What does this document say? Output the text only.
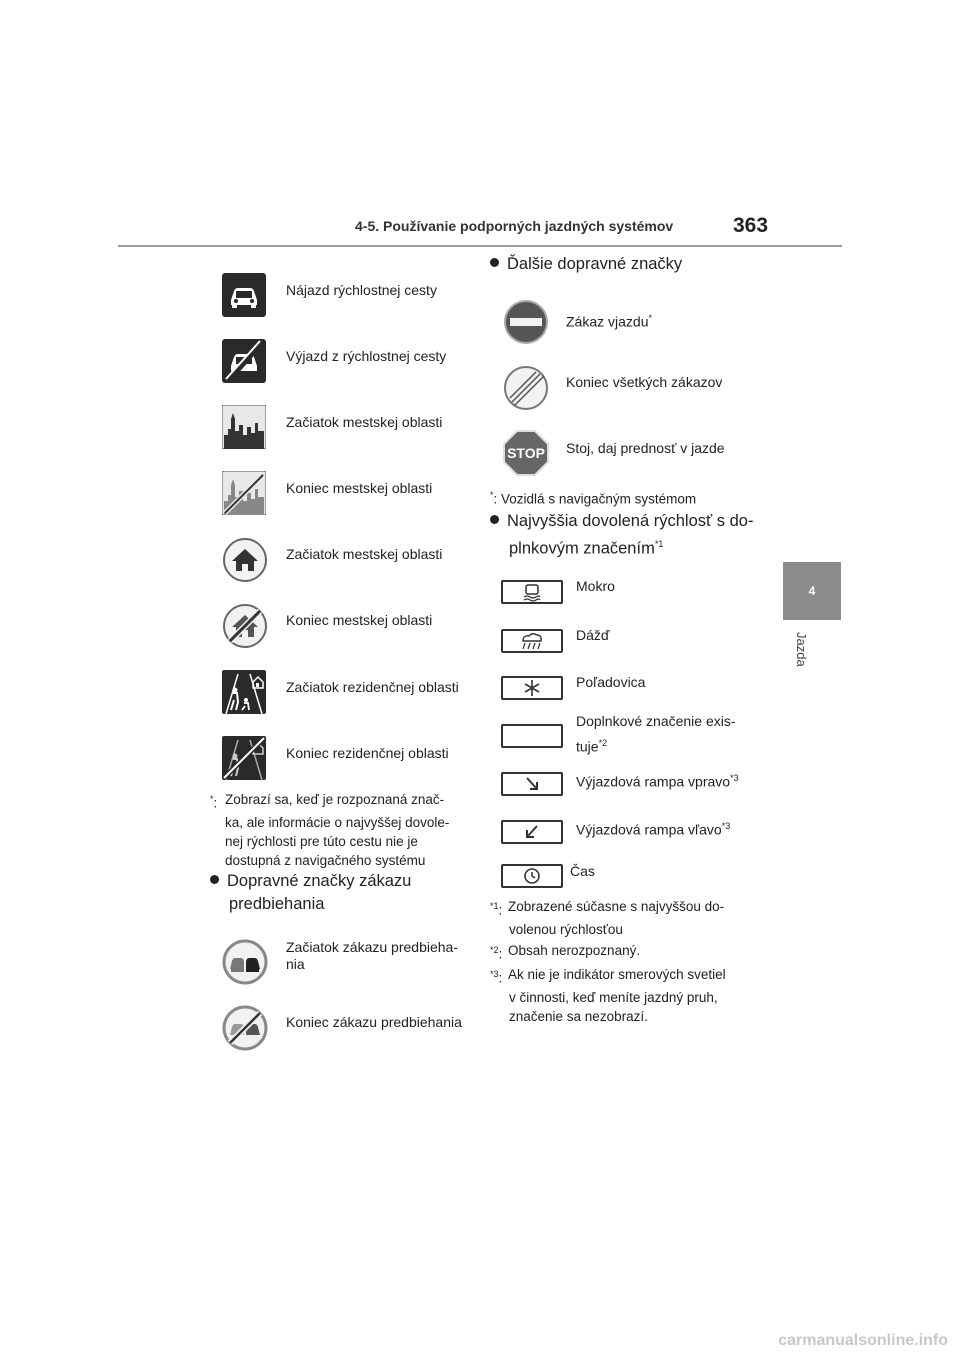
4-5. Používanie podporných jazdných systémov	363
4
Jazda
Nájazd rýchlostnej cesty
Výjazd z rýchlostnej cesty
Začiatok mestskej oblasti
Koniec mestskej oblasti
Začiatok mestskej oblasti
Koniec mestskej oblasti
Začiatok rezidenčnej oblasti
Koniec rezidenčnej oblasti
*: Zobrazí sa, keď je rozpoznaná znač-
ka, ale informácie o najvyššej dovole-
nej rýchlosti pre túto cestu nie je
dostupná z navigačného systému
Dopravné značky zákazu
predbiehania
Začiatok zákazu predbieha-
nia
Koniec zákazu predbiehania
Ďalšie dopravné značky
Zákaz vjazdu*
Koniec všetkých zákazov
STOP Stoj, daj prednosť v jazde
*: Vozidlá s navigačným systémom
Najvyššia dovolená rýchlosť s do-
plnkovým značením$^{*1}$
Mokro
Dážď
Poľadovica
Doplnkové značenie exis-
tuje$^{*2}$
Výjazdová rampa vpravo$^{*3}$
Výjazdová rampa vľavo$^{*3}$
Čas
$^{*1}$: Zobrazené súčasne s najvyššou do-
volenou rýchlosťou
$^{*2}$: Obsah nerozpoznaný.
$^{*3}$: Ak nie je indikátor smerových svetiel
v činnosti, keď meníte jazdný pruh,
značenie sa nezobrazí.
carmanualsonline.info
